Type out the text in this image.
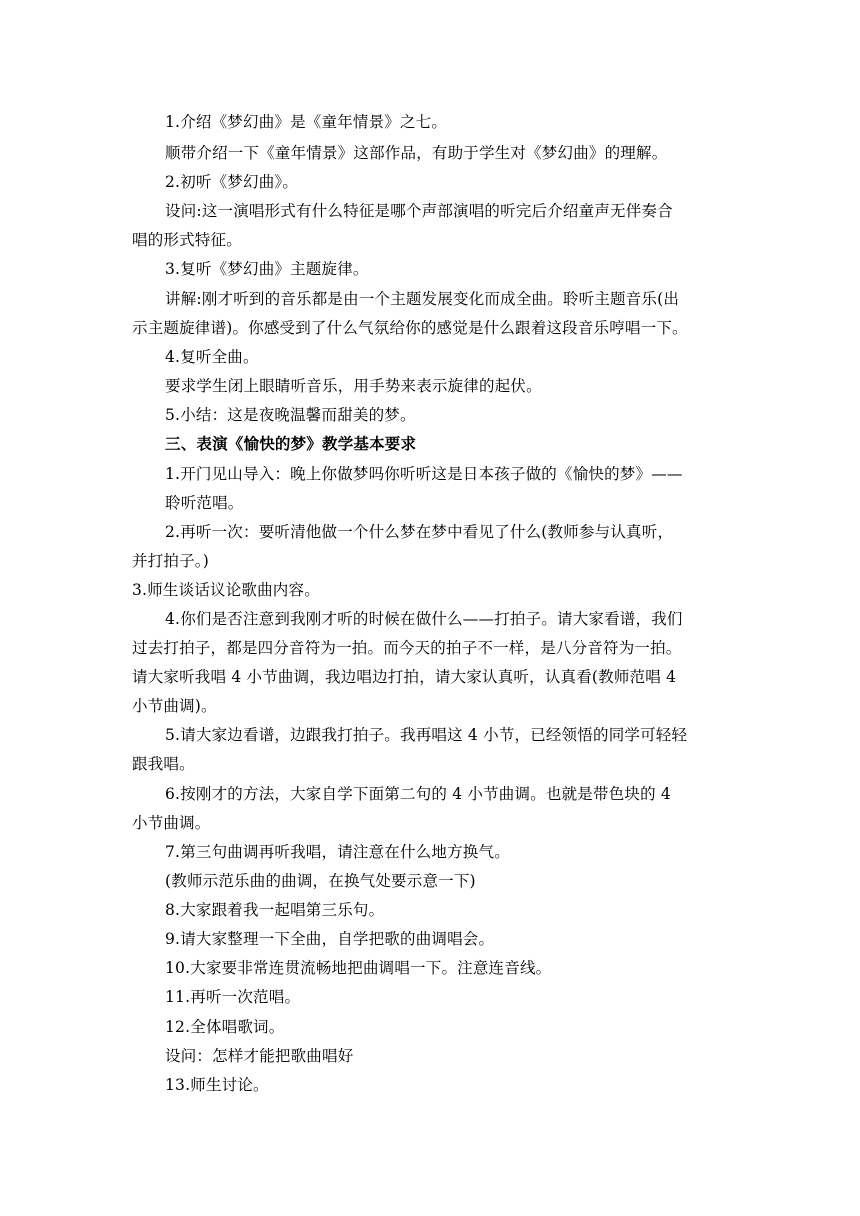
1.介绍《梦幻曲》是《童年情景》之七。
顺带介绍一下《童年情景》这部作品，有助于学生对《梦幻曲》的理解。
2.初听《梦幻曲》。
设问:这一演唱形式有什么特征是哪个声部演唱的听完后介绍童声无伴奏合
唱的形式特征。
3.复听《梦幻曲》主题旋律。
讲解:刚才听到的音乐都是由一个主题发展变化而成全曲。聆听主题音乐(出
示主题旋律谱)。你感受到了什么气氛给你的感觉是什么跟着这段音乐哼唱一下。
4.复听全曲。
要求学生闭上眼睛听音乐，用手势来表示旋律的起伏。
5.小结：这是夜晚温馨而甜美的梦。
三、表演《愉快的梦》教学基本要求
1.开门见山导入：晚上你做梦吗你听听这是日本孩子做的《愉快的梦》——
聆听范唱。
2.再听一次：要听清他做一个什么梦在梦中看见了什么(教师参与认真听，
并打拍子。)
3.师生谈话议论歌曲内容。
4.你们是否注意到我刚才听的时候在做什么——打拍子。请大家看谱，我们
过去打拍子，都是四分音符为一拍。而今天的拍子不一样，是八分音符为一拍。
请大家听我唱 4 小节曲调，我边唱边打拍，请大家认真听，认真看(教师范唱 4
小节曲调)。
5.请大家边看谱，边跟我打拍子。我再唱这 4 小节，已经领悟的同学可轻轻
跟我唱。
6.按刚才的方法，大家自学下面第二句的 4 小节曲调。也就是带色块的 4
小节曲调。
7.第三句曲调再听我唱，请注意在什么地方换气。
(教师示范乐曲的曲调，在换气处要示意一下)
8.大家跟着我一起唱第三乐句。
9.请大家整理一下全曲，自学把歌的曲调唱会。
10.大家要非常连贯流畅地把曲调唱一下。注意连音线。
11.再听一次范唱。
12.全体唱歌词。
设问：怎样才能把歌曲唱好
13.师生讨论。
